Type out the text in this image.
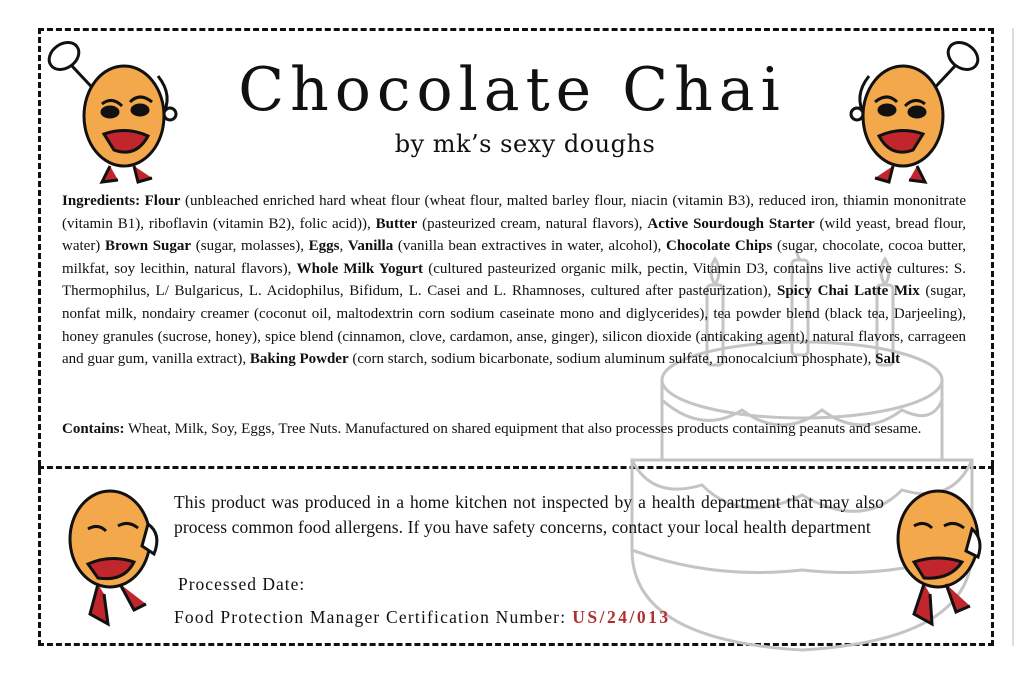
Chocolate Chai
by mk’s sexy doughs
Ingredients: Flour (unbleached enriched hard wheat flour (wheat flour, malted barley flour, niacin (vitamin B3), reduced iron, thiamin mononitrate (vitamin B1), riboflavin (vitamin B2), folic acid)), Butter (pasteurized cream, natural flavors), Active Sourdough Starter (wild yeast, bread flour, water) Brown Sugar (sugar, molasses), Eggs, Vanilla (vanilla bean extractives in water, alcohol), Chocolate Chips (sugar, chocolate, cocoa butter, milkfat, soy lecithin, natural flavors), Whole Milk Yogurt (cultured pasteurized organic milk, pectin, Vitamin D3, contains live active cultures: S. Thermophilus, L/ Bulgaricus, L. Acidophilus, Bifidum, L. Casei and L. Rhamnoses, cultured after pasteurization), Spicy Chai Latte Mix (sugar, nonfat milk, nondairy creamer (coconut oil, maltodextrin corn sodium caseinate mono and diglycerides), tea powder blend (black tea, Darjeeling), honey granules (sucrose, honey), spice blend (cinnamon, clove, cardamon, anse, ginger), silicon dioxide (anticaking agent), natural flavors, carrageen and guar gum, vanilla extract), Baking Powder (corn starch, sodium bicarbonate, sodium aluminum sulfate, monocalcium phosphate), Salt
Contains: Wheat, Milk, Soy, Eggs, Tree Nuts. Manufactured on shared equipment that also processes products containing peanuts and sesame.
This product was produced in a home kitchen not inspected by a health department that may also process common food allergens. If you have safety concerns, contact your local health department
Processed Date:
Food Protection Manager Certification Number: US/24/013
